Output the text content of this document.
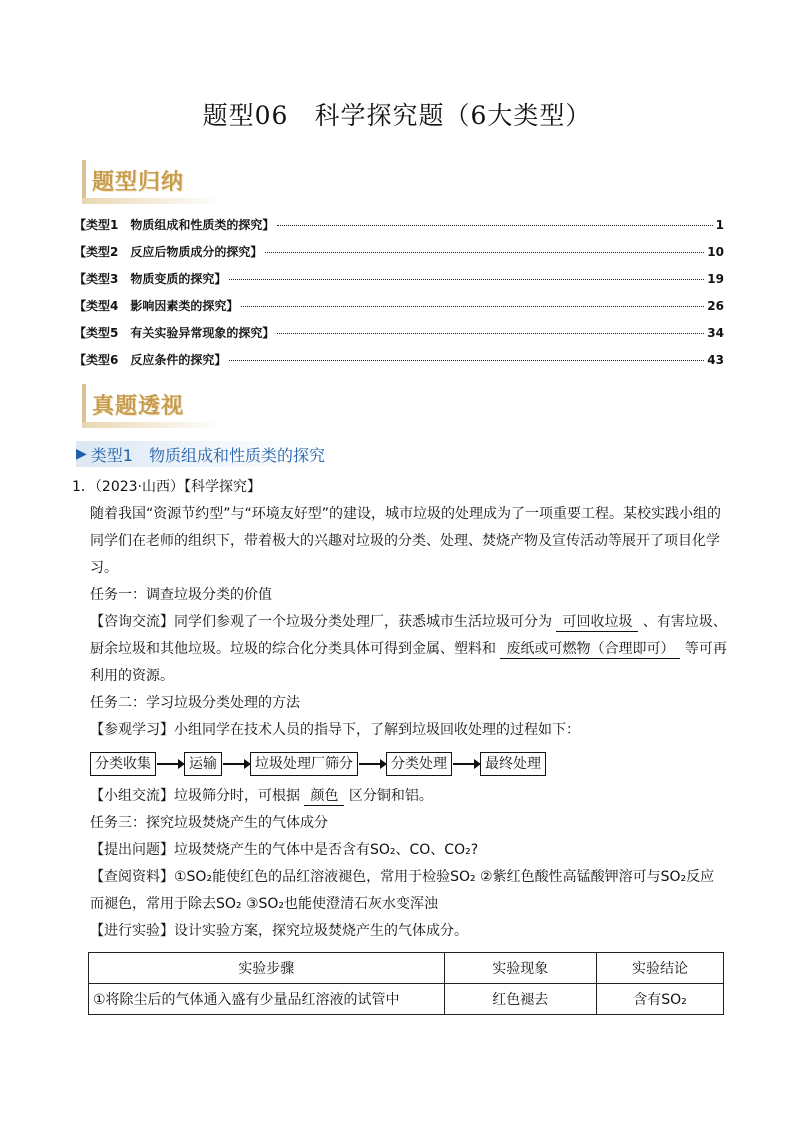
题型06　科学探究题（6大类型）
题型归纳
【类型1　物质组成和性质类的探究】	1
【类型2　反应后物质成分的探究】	10
【类型3　物质变质的探究】	19
【类型4　影响因素类的探究】	26
【类型5　有关实验异常现象的探究】	34
【类型6　反应条件的探究】	43
真题透视
▶ 类型1　物质组成和性质类的探究
1．（2023·山西）【科学探究】
随着我国“资源节约型”与“环境友好型”的建设，城市垃圾的处理成为了一项重要工程。某校实践小组的同学们在老师的组织下，带着极大的兴趣对垃圾的分类、处理、焚烧产物及宣传活动等展开了项目化学习。
任务一：调查垃圾分类的价值
【咨询交流】同学们参观了一个垃圾分类处理厂，获悉城市生活垃圾可分为 可回收垃圾 、有害垃圾、厨余垃圾和其他垃圾。垃圾的综合化分类具体可得到金属、塑料和 废纸或可燃物（合理即可） 等可再利用的资源。
任务二：学习垃圾分类处理的方法
【参观学习】小组同学在技术人员的指导下，了解到垃圾回收处理的过程如下：
分类收集	运输	垃圾处理厂筛分	分类处理	最终处理
【小组交流】垃圾筛分时，可根据 颜色 区分铜和铝。
任务三：探究垃圾焚烧产生的气体成分
【提出问题】垃圾焚烧产生的气体中是否含有SO₂、CO、CO₂?
【查阅资料】①SO₂能使红色的品红溶液褪色，常用于检验SO₂ ②紫红色酸性高锰酸钾溶可与SO₂反应而褪色，常用于除去SO₂ ③SO₂也能使澄清石灰水变浑浊
【进行实验】设计实验方案，探究垃圾焚烧产生的气体成分。
实验步骤	实验现象	实验结论
①将除尘后的气体通入盛有少量品红溶液的试管中	红色褪去	含有SO₂
